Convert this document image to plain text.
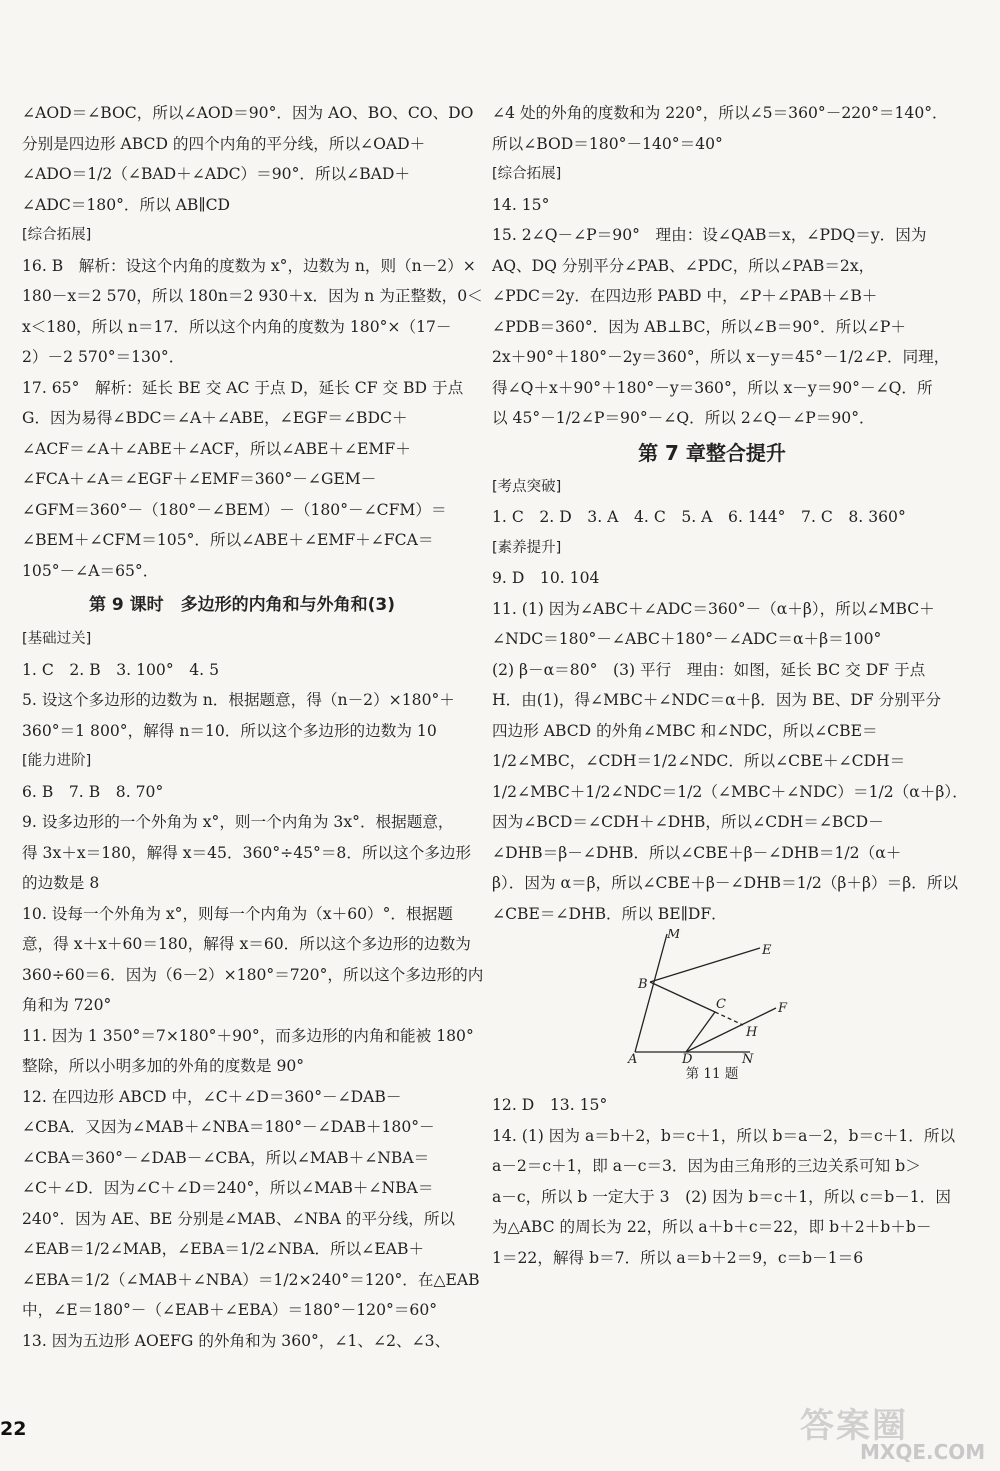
∠AOD＝∠BOC，所以∠AOD＝90°．因为 AO、BO、CO、DO
分别是四边形 ABCD 的四个内角的平分线，所以∠OAD＋
∠ADO＝1/2（∠BAD＋∠ADC）＝90°．所以∠BAD＋
∠ADC＝180°．所以 AB∥CD
[综合拓展]
16. B　解析：设这个内角的度数为 x°，边数为 n，则（n－2）×
180－x＝2 570，所以 180n＝2 930＋x．因为 n 为正整数，0＜
x＜180，所以 n＝17．所以这个内角的度数为 180°×（17－
2）－2 570°＝130°．
17. 65°　解析：延长 BE 交 AC 于点 D，延长 CF 交 BD 于点
G．因为易得∠BDC＝∠A＋∠ABE，∠EGF＝∠BDC＋
∠ACF＝∠A＋∠ABE＋∠ACF，所以∠ABE＋∠EMF＋
∠FCA＋∠A＝∠EGF＋∠EMF＝360°－∠GEM－
∠GFM＝360°－（180°－∠BEM）－（180°－∠CFM）＝
∠BEM＋∠CFM＝105°．所以∠ABE＋∠EMF＋∠FCA＝
105°－∠A＝65°．
第 9 课时　多边形的内角和与外角和(3)
[基础过关]
1. C　2. B　3. 100°　4. 5
5. 设这个多边形的边数为 n．根据题意，得（n－2）×180°＋
360°＝1 800°，解得 n＝10．所以这个多边形的边数为 10
[能力进阶]
6. B　7. B　8. 70°
9. 设多边形的一个外角为 x°，则一个内角为 3x°．根据题意，
得 3x＋x＝180，解得 x＝45．360°÷45°＝8．所以这个多边形
的边数是 8
10. 设每一个外角为 x°，则每一个内角为（x＋60）°．根据题
意，得 x＋x＋60＝180，解得 x＝60．所以这个多边形的边数为
360÷60＝6．因为（6－2）×180°＝720°，所以这个多边形的内
角和为 720°
11. 因为 1 350°＝7×180°＋90°，而多边形的内角和能被 180°
整除，所以小明多加的外角的度数是 90°
12. 在四边形 ABCD 中，∠C＋∠D＝360°－∠DAB－
∠CBA．又因为∠MAB＋∠NBA＝180°－∠DAB＋180°－
∠CBA＝360°－∠DAB－∠CBA，所以∠MAB＋∠NBA＝
∠C＋∠D．因为∠C＋∠D＝240°，所以∠MAB＋∠NBA＝
240°．因为 AE、BE 分别是∠MAB、∠NBA 的平分线，所以
∠EAB＝1/2∠MAB，∠EBA＝1/2∠NBA．所以∠EAB＋
∠EBA＝1/2（∠MAB＋∠NBA）＝1/2×240°＝120°．在△EAB
中，∠E＝180°－（∠EAB＋∠EBA）＝180°－120°＝60°
13. 因为五边形 AOEFG 的外角和为 360°，∠1、∠2、∠3、
∠4 处的外角的度数和为 220°，所以∠5＝360°－220°＝140°．
所以∠BOD＝180°－140°＝40°
[综合拓展]
14. 15°
15. 2∠Q－∠P＝90°　理由：设∠QAB＝x，∠PDQ＝y．因为
AQ、DQ 分别平分∠PAB、∠PDC，所以∠PAB＝2x，
∠PDC＝2y．在四边形 PABD 中，∠P＋∠PAB＋∠B＋
∠PDB＝360°．因为 AB⊥BC，所以∠B＝90°．所以∠P＋
2x＋90°＋180°－2y＝360°，所以 x－y＝45°－1/2∠P．同理，
得∠Q＋x＋90°＋180°－y＝360°，所以 x－y＝90°－∠Q．所
以 45°－1/2∠P＝90°－∠Q．所以 2∠Q－∠P＝90°．
第 7 章整合提升
[考点突破]
1. C　2. D　3. A　4. C　5. A　6. 144°　7. C　8. 360°
[素养提升]
9. D　10. 104
11. (1) 因为∠ABC＋∠ADC＝360°－（α＋β），所以∠MBC＋
∠NDC＝180°－∠ABC＋180°－∠ADC＝α＋β＝100°
(2) β－α＝80°　(3) 平行　理由：如图，延长 BC 交 DF 于点
H．由(1)，得∠MBC＋∠NDC＝α＋β．因为 BE、DF 分别平分
四边形 ABCD 的外角∠MBC 和∠NDC，所以∠CBE＝
1/2∠MBC，∠CDH＝1/2∠NDC．所以∠CBE＋∠CDH＝
1/2∠MBC＋1/2∠NDC＝1/2（∠MBC＋∠NDC）＝1/2（α＋β）．
因为∠BCD＝∠CDH＋∠DHB，所以∠CDH＝∠BCD－
∠DHB＝β－∠DHB．所以∠CBE＋β－∠DHB＝1/2（α＋
β）．因为 α＝β，所以∠CBE＋β－∠DHB＝1/2（β＋β）＝β．所以
∠CBE＝∠DHB．所以 BE∥DF．
M
E
B
C	F
H
A	D	N
第 11 题
12. D　13. 15°
14. (1) 因为 a＝b＋2，b＝c＋1，所以 b＝a－2，b＝c＋1．所以
a－2＝c＋1，即 a－c＝3．因为由三角形的三边关系可知 b＞
a－c，所以 b 一定大于 3　(2) 因为 b＝c＋1，所以 c＝b－1．因
为△ABC 的周长为 22，所以 a＋b＋c＝22，即 b＋2＋b＋b－
1＝22，解得 b＝7．所以 a＝b＋2＝9，c＝b－1＝6
22	答案圈
MXQE.COM
